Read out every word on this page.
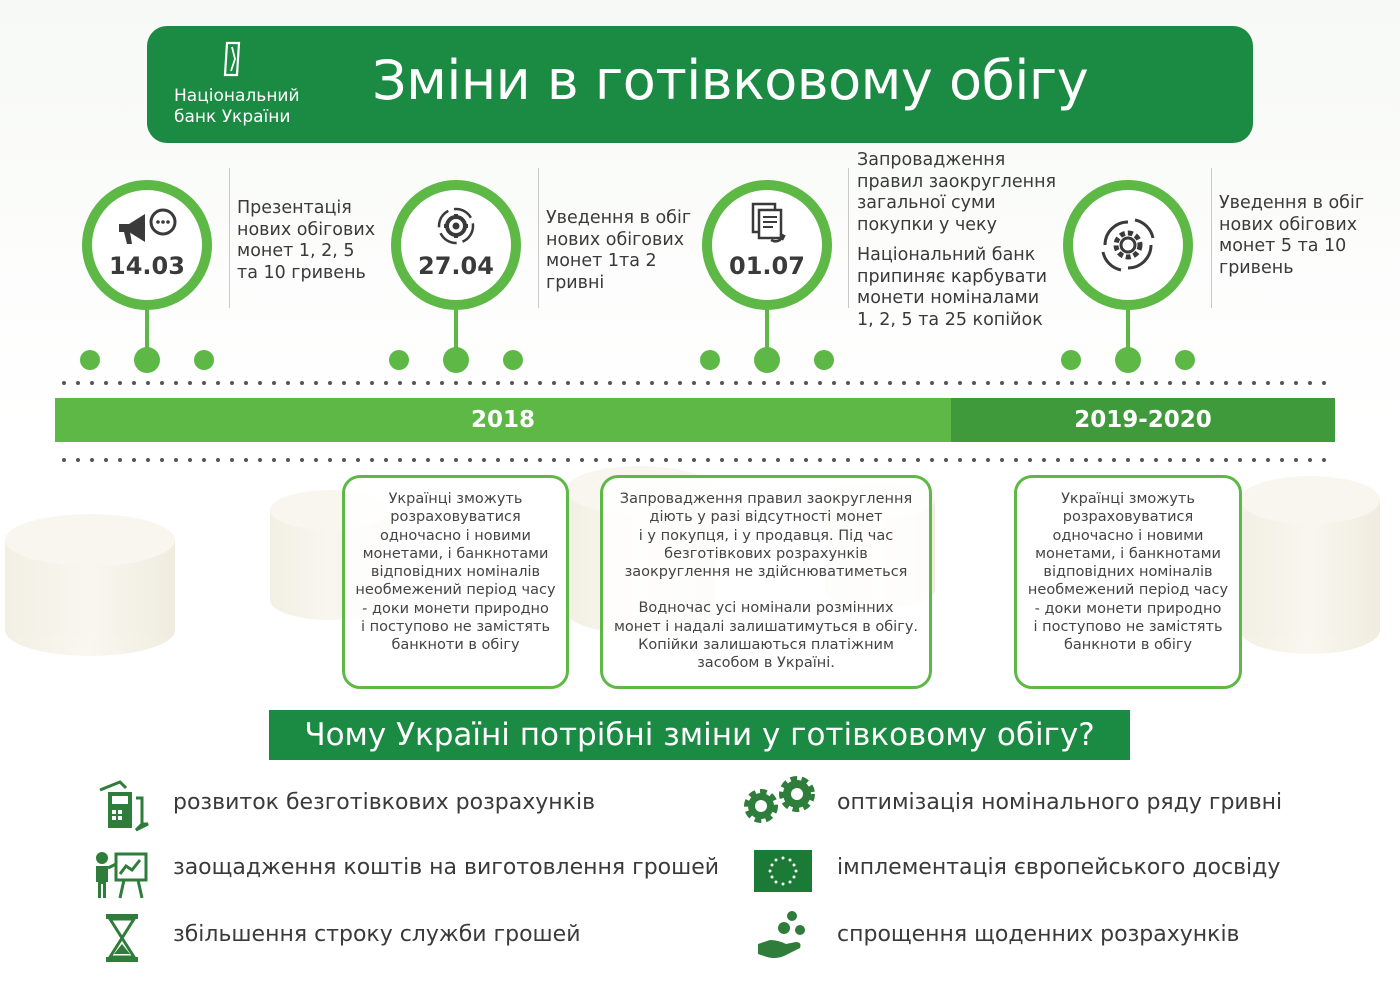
Національний
банк України
Зміни в готівковому обігу
14.03
Презентація
нових обігових
монет 1, 2, 5
та 10 гривень	27.04
Уведення в обіг
нових обігових
монет 1та 2
гривні
01.07
Запровадження
правил заокруглення
загальної суми
покупки у чеку
Національний банк
припиняє карбувати
монети номіналами
1, 2, 5 та 25 копійок
Уведення в обіг
нових обігових
монет 5 та 10
гривень
2018	2019-2020

Українці зможуть
розраховуватися
одночасно і новими
монетами, і банкнотами
відповідних номіналів
необмежений період часу
- доки монети природно
і поступово не замістять
банкноти в обігу

Запровадження правил заокруглення
діють у разі відсутності монет
і у покупця, і у продавця. Під час
безготівкових розрахунків
заокруглення не здійснюватиметься

Водночас усі номінали розмінних
монет і надалі залишатимуться в обігу.
Копійки залишаються платіжним
засобом в Україні.

Українці зможуть
розраховуватися
одночасно і новими
монетами, і банкнотами
відповідних номіналів
необмежений період часу
- доки монети природно
і поступово не замістять
банкноти в обігу

Чому Україні потрібні зміни у готівковому обігу?
розвиток безготівкових розрахунків	оптимізація номінального ряду гривні
заощадження коштів на виготовлення грошей	імплементація європейського досвіду
збільшення строку служби грошей	спрощення щоденних розрахунків
